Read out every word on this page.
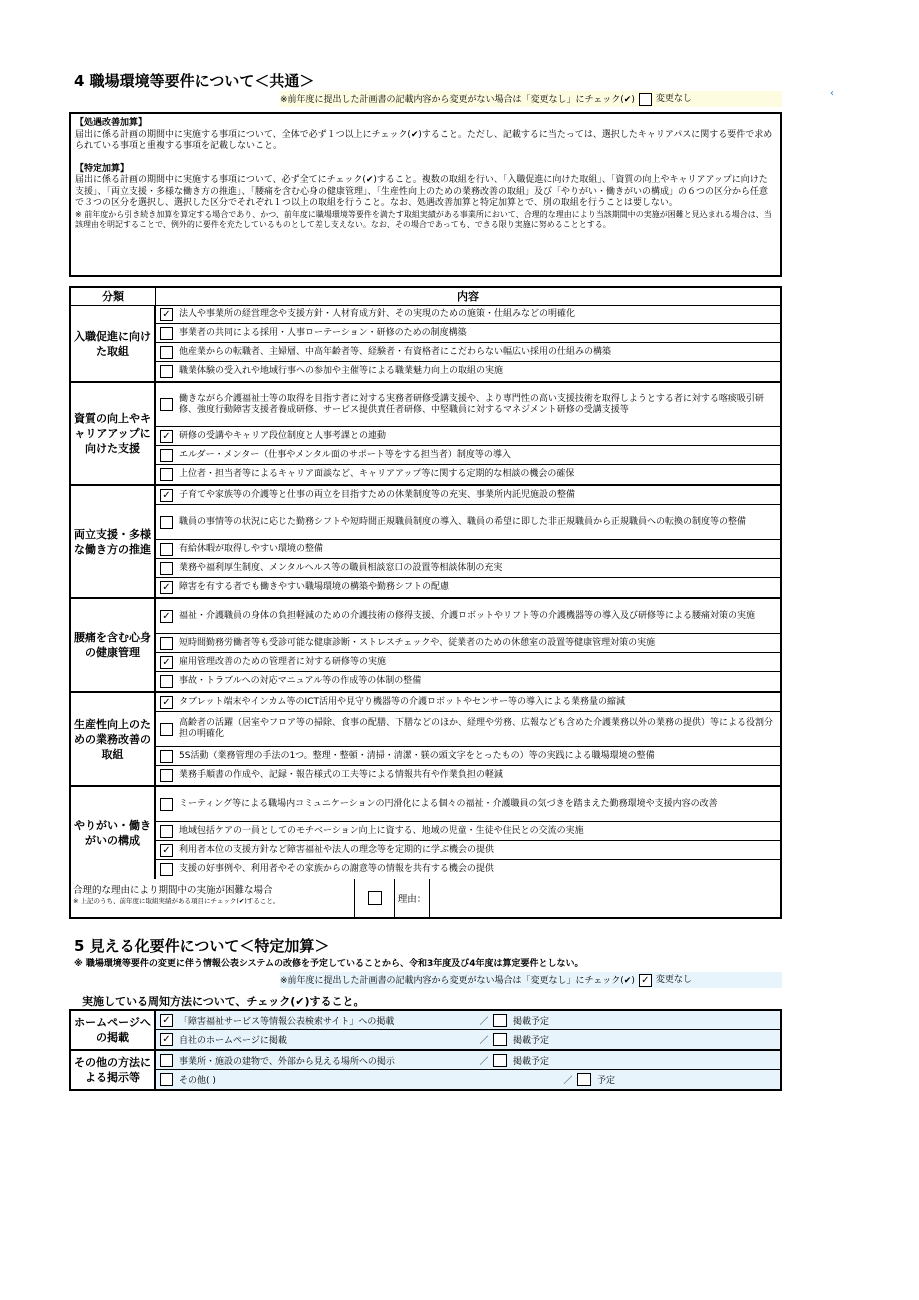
4 職場環境等要件について＜共通＞
※前年度に提出した計画書の記載内容から変更がない場合は「変更なし」にチェック(✔) 変更なし	‹

【処遇改善加算】

届出に係る計画の期間中に実施する事項について、全体で必ず１つ以上にチェック(✔)すること。ただし、記載するに当たっては、選択したキャリアパスに関する要件で求められている事項と重複する事項を記載しないこと。

【特定加算】

届出に係る計画の期間中に実施する事項について、必ず全てにチェック(✔)すること。複数の取組を行い、「入職促進に向けた取組」、「資質の向上やキャリアアップに向けた支援」、「両立支援・多様な働き方の推進」、「腰痛を含む心身の健康管理」、「生産性向上のための業務改善の取組」及び「やりがい・働きがいの構成」の６つの区分から任意で３つの区分を選択し、選択した区分でそれぞれ１つ以上の取組を行うこと。なお、処遇改善加算と特定加算とで、別の取組を行うことは要しない。

※ 前年度から引き続き加算を算定する場合であり、かつ、前年度に職場環境等要件を満たす取組実績がある事業所において、合理的な理由により当該期間中の実施が困難と見込まれる場合は、当該理由を明記することで、例外的に要件を充たしているものとして差し支えない。なお、その場合であっても、できる限り実施に努めることとする。

分類	内容
入職促進に向けた取組
✓ 法人や事業所の経営理念や支援方針・人材育成方針、その実現のための施策・仕組みなどの明確化
事業者の共同による採用・人事ローテーション・研修のための制度構築
他産業からの転職者、主婦層、中高年齢者等、経験者・有資格者にこだわらない幅広い採用の仕組みの構築
職業体験の受入れや地域行事への参加や主催等による職業魅力向上の取組の実施
資質の向上やキャリアアップに向けた支援
働きながら介護福祉士等の取得を目指す者に対する実務者研修受講支援や、より専門性の高い支援技術を取得しようとする者に対する喀痰吸引研修、強度行動障害支援者養成研修、サービス提供責任者研修、中堅職員に対するマネジメント研修の受講支援等
✓ 研修の受講やキャリア段位制度と人事考課との連動
エルダー・メンター（仕事やメンタル面のサポート等をする担当者）制度等の導入
上位者・担当者等によるキャリア面談など、キャリアアップ等に関する定期的な相談の機会の確保
両立支援・多様な働き方の推進
✓ 子育てや家族等の介護等と仕事の両立を目指すための休業制度等の充実、事業所内託児施設の整備
職員の事情等の状況に応じた勤務シフトや短時間正規職員制度の導入、職員の希望に即した非正規職員から正規職員への転換の制度等の整備
有給休暇が取得しやすい環境の整備
業務や福利厚生制度、メンタルヘルス等の職員相談窓口の設置等相談体制の充実
✓ 障害を有する者でも働きやすい職場環境の構築や勤務シフトの配慮
腰痛を含む心身の健康管理
✓ 福祉・介護職員の身体の負担軽減のための介護技術の修得支援、介護ロボットやリフト等の介護機器等の導入及び研修等による腰痛対策の実施
短時間勤務労働者等も受診可能な健康診断・ストレスチェックや、従業者のための休憩室の設置等健康管理対策の実施
✓ 雇用管理改善のための管理者に対する研修等の実施
事故・トラブルへの対応マニュアル等の作成等の体制の整備
生産性向上のための業務改善の取組
✓ タブレット端末やインカム等のICT活用や見守り機器等の介護ロボットやセンサー等の導入による業務量の縮減
高齢者の活躍（居室やフロア等の掃除、食事の配膳、下膳などのほか、経理や労務、広報なども含めた介護業務以外の業務の提供）等による役割分担の明確化
5S活動（業務管理の手法の1つ。整理・整頓・清掃・清潔・躾の頭文字をとったもの）等の実践による職場環境の整備
業務手順書の作成や、記録・報告様式の工夫等による情報共有や作業負担の軽減
やりがい・働きがいの構成
ミーティング等による職場内コミュニケーションの円滑化による個々の福祉・介護職員の気づきを踏まえた勤務環境や支援内容の改善
地域包括ケアの一員としてのモチベーション向上に資する、地域の児童・生徒や住民との交流の実施
✓ 利用者本位の支援方針など障害福祉や法人の理念等を定期的に学ぶ機会の提供
支援の好事例や、利用者やその家族からの謝意等の情報を共有する機会の提供
合理的な理由により期間中の実施が困難な場合
※ 上記のうち、前年度に取組実績がある項目にチェック(✔)すること。	理由：
5 見える化要件について＜特定加算＞
※ 職場環境等要件の変更に伴う情報公表システムの改修を予定していることから、令和3年度及び4年度は算定要件としない。
※前年度に提出した計画書の記載内容から変更がない場合は「変更なし」にチェック(✔) ✓ 変更なし
実施している周知方法について、チェック(✔)すること。
ホームページへの掲載
✓ 「障害福祉サービス等情報公表検索サイト」への掲載	／	掲載予定
✓ 自社のホームページに掲載	／	掲載予定
その他の方法による掲示等
事業所・施設の建物で、外部から見える場所への掲示	／	掲載予定
その他( )	／	予定
